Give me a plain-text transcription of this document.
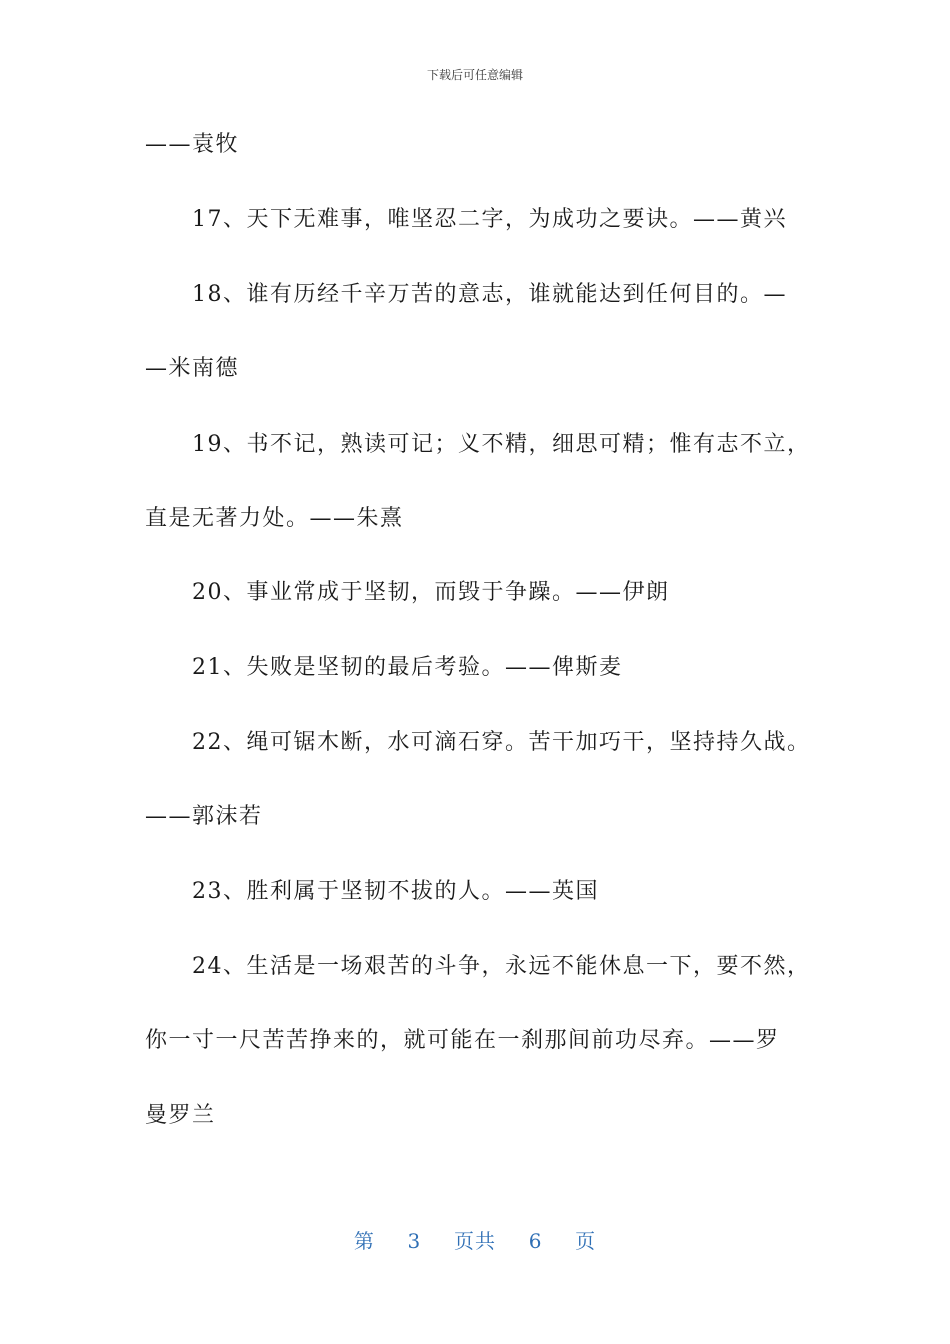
下载后可任意编辑
——袁牧
17、天下无难事，唯坚忍二字，为成功之要诀。——黄兴
18、谁有历经千辛万苦的意志，谁就能达到任何目的。—
—米南德
19、书不记，熟读可记；义不精，细思可精；惟有志不立，
直是无著力处。——朱熹
20、事业常成于坚韧，而毁于争躁。——伊朗
21、失败是坚韧的最后考验。——俾斯麦
22、绳可锯木断，水可滴石穿。苦干加巧干，坚持持久战。
——郭沫若
23、胜利属于坚韧不拔的人。——英国
24、生活是一场艰苦的斗争，永远不能休息一下，要不然，
你一寸一尺苦苦挣来的，就可能在一刹那间前功尽弃。——罗
曼罗兰
第 3 页共 6 页
